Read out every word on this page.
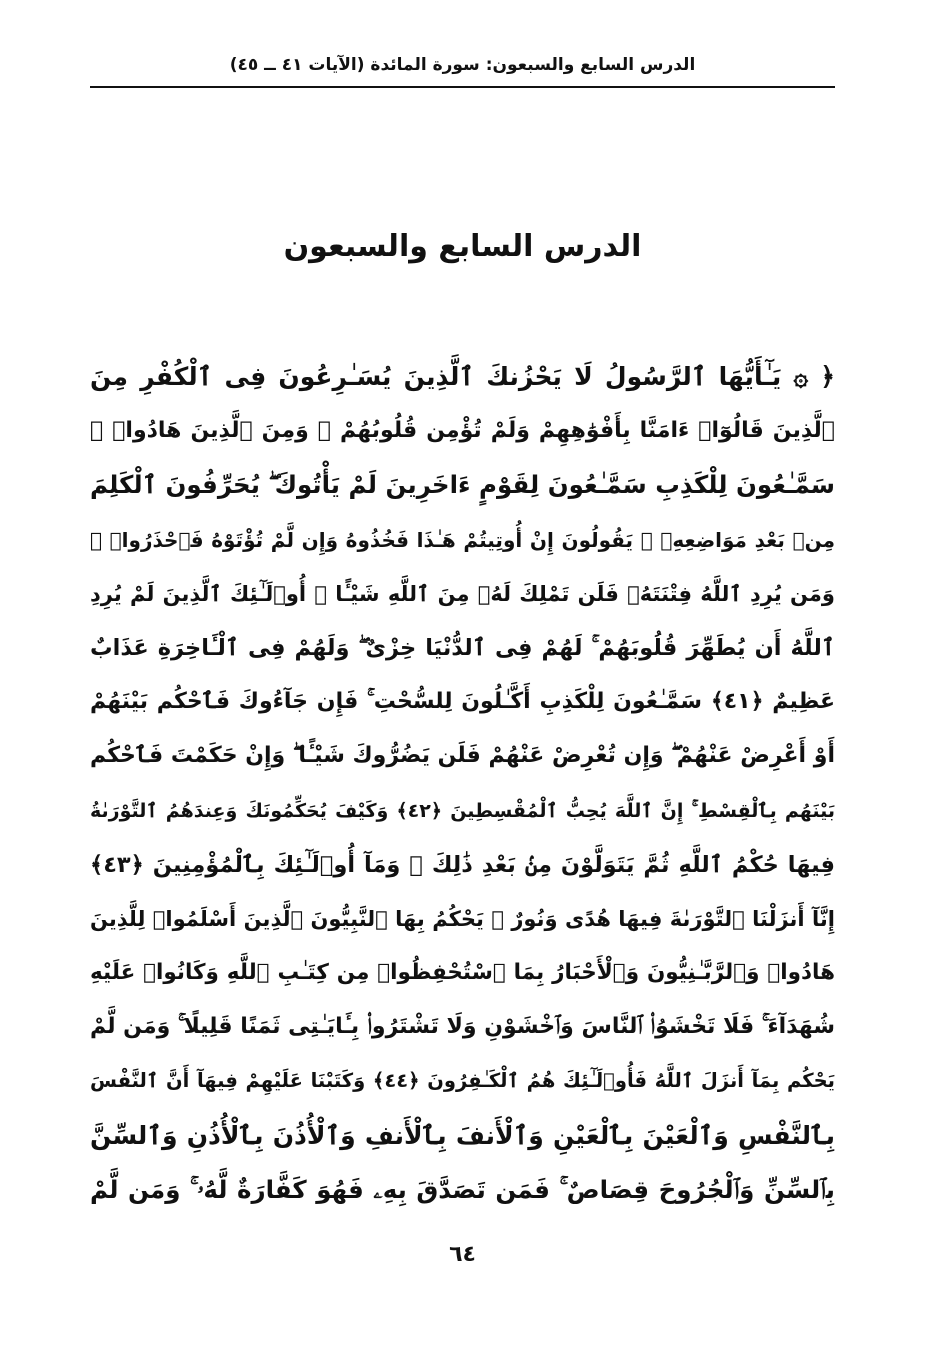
الدرس السابع والسبعون: سورة المائدة (الآيات ٤١ ــ ٤٥)
الدرس السابع والسبعون
﴿ ۞ يَـٰٓأَيُّهَا ٱلرَّسُولُ لَا يَحْزُنكَ ٱلَّذِينَ يُسَـٰرِعُونَ فِى ٱلْكُفْرِ مِنَ
ٱلَّذِينَ قَالُوٓا۟ ءَامَنَّا بِأَفْوَٰهِهِمْ وَلَمْ تُؤْمِن قُلُوبُهُمْ ۛ وَمِنَ ٱلَّذِينَ هَادُوا۟ ۛ
سَمَّـٰعُونَ لِلْكَذِبِ سَمَّـٰعُونَ لِقَوْمٍ ءَاخَرِينَ لَمْ يَأْتُوكَ ۖ يُحَرِّفُونَ ٱلْكَلِمَ
مِنۢ بَعْدِ مَوَاضِعِهِۦ ۖ يَقُولُونَ إِنْ أُوتِيتُمْ هَـٰذَا فَخُذُوهُ وَإِن لَّمْ تُؤْتَوْهُ فَٱحْذَرُوا۟ ۚ
وَمَن يُرِدِ ٱللَّهُ فِتْنَتَهُۥ فَلَن تَمْلِكَ لَهُۥ مِنَ ٱللَّهِ شَيْـًٔا ۚ أُو۟لَـٰٓئِكَ ٱلَّذِينَ لَمْ يُرِدِ
ٱللَّهُ أَن يُطَهِّرَ قُلُوبَهُمْ ۚ لَهُمْ فِى ٱلدُّنْيَا خِزْىٌ ۖ وَلَهُمْ فِى ٱلْـَٔاخِرَةِ عَذَابٌ
عَظِيمٌ ﴿٤١﴾ سَمَّـٰعُونَ لِلْكَذِبِ أَكَّـٰلُونَ لِلسُّحْتِ ۚ فَإِن جَآءُوكَ فَٱحْكُم بَيْنَهُمْ
أَوْ أَعْرِضْ عَنْهُمْ ۖ وَإِن تُعْرِضْ عَنْهُمْ فَلَن يَضُرُّوكَ شَيْـًٔا ۖ وَإِنْ حَكَمْتَ فَٱحْكُم
بَيْنَهُم بِٱلْقِسْطِ ۚ إِنَّ ٱللَّهَ يُحِبُّ ٱلْمُقْسِطِينَ ﴿٤٢﴾ وَكَيْفَ يُحَكِّمُونَكَ وَعِندَهُمُ ٱلتَّوْرَىٰةُ
فِيهَا حُكْمُ ٱللَّهِ ثُمَّ يَتَوَلَّوْنَ مِنۢ بَعْدِ ذَٰلِكَ ۚ وَمَآ أُو۟لَـٰٓئِكَ بِٱلْمُؤْمِنِينَ ﴿٤٣﴾
إِنَّآ أَنزَلْنَا ٱلتَّوْرَىٰةَ فِيهَا هُدًى وَنُورٌ ۚ يَحْكُمُ بِهَا ٱلنَّبِيُّونَ ٱلَّذِينَ أَسْلَمُوا۟ لِلَّذِينَ
هَادُوا۟ وَٱلرَّبَّـٰنِيُّونَ وَٱلْأَحْبَارُ بِمَا ٱسْتُحْفِظُوا۟ مِن كِتَـٰبِ ٱللَّهِ وَكَانُوا۟ عَلَيْهِ
شُهَدَآءَ ۚ فَلَا تَخْشَوُا۟ ٱلنَّاسَ وَٱخْشَوْنِ وَلَا تَشْتَرُوا۟ بِـَٔايَـٰتِى ثَمَنًا قَلِيلًا ۚ وَمَن لَّمْ
يَحْكُم بِمَآ أَنزَلَ ٱللَّهُ فَأُو۟لَـٰٓئِكَ هُمُ ٱلْكَـٰفِرُونَ ﴿٤٤﴾ وَكَتَبْنَا عَلَيْهِمْ فِيهَآ أَنَّ ٱلنَّفْسَ
بِٱلنَّفْسِ وَٱلْعَيْنَ بِٱلْعَيْنِ وَٱلْأَنفَ بِٱلْأَنفِ وَٱلْأُذُنَ بِٱلْأُذُنِ وَٱلسِّنَّ
بِٱلسِّنِّ وَٱلْجُرُوحَ قِصَاصٌ ۚ فَمَن تَصَدَّقَ بِهِۦ فَهُوَ كَفَّارَةٌ لَّهُۥ ۚ وَمَن لَّمْ
٦٤
